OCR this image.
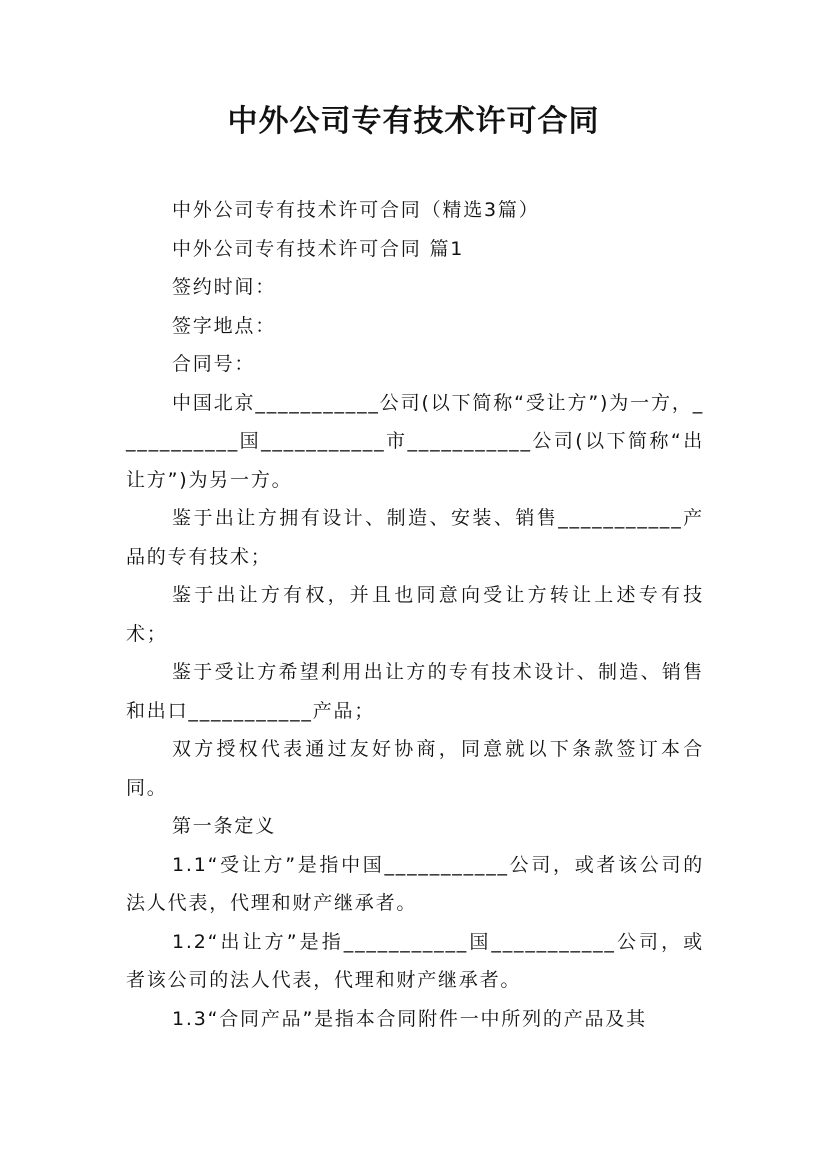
中外公司专有技术许可合同

中外公司专有技术许可合同（精选3篇）

中外公司专有技术许可合同 篇1

签约时间：

签字地点：

合同号：

中国北京___________公司(以下简称“受让方”)为一方，___________国___________市___________公司(以下简称“出让方”)为另一方。

鉴于出让方拥有设计、制造、安装、销售___________产品的专有技术；

鉴于出让方有权，并且也同意向受让方转让上述专有技术；

鉴于受让方希望利用出让方的专有技术设计、制造、销售和出口___________产品；

双方授权代表通过友好协商，同意就以下条款签订本合同。

第一条定义

1.1“受让方”是指中国___________公司，或者该公司的法人代表，代理和财产继承者。

1.2“出让方”是指___________国___________公司，或者该公司的法人代表，代理和财产继承者。

1.3“合同产品”是指本合同附件一中所列的产品及其
